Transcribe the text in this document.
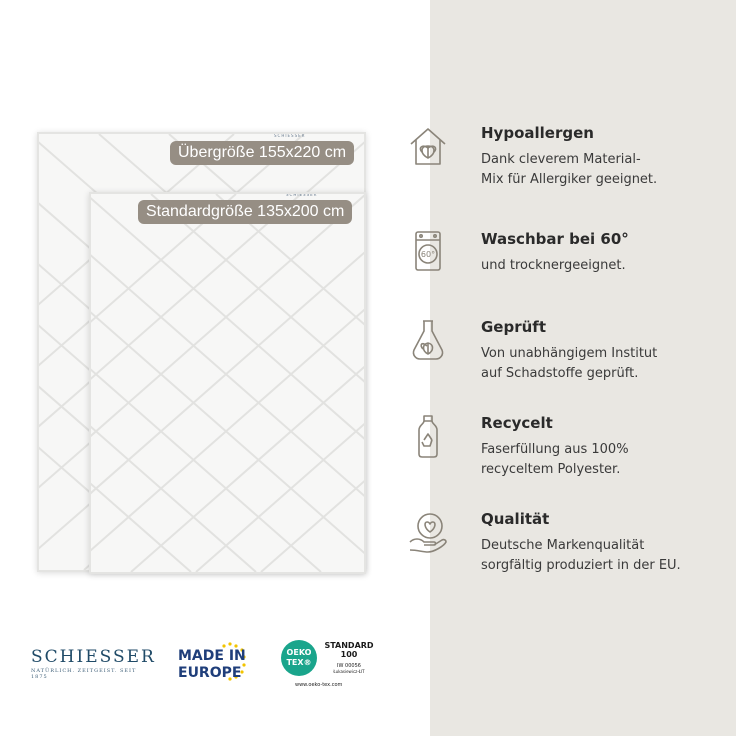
SCHIESSER
SCHIESSER
Übergröße 155x220 cm
Standardgröße 135x200 cm
Hypoallergen
Dank cleverem Material-
Mix für Allergiker geeignet.
60°
Waschbar bei 60°
und trocknergeeignet.
Geprüft
Von unabhängigem Institut
auf Schadstoffe geprüft.
Recycelt
Faserfüllung aus 100%
recyceltem Polyester.
Qualität
Deutsche Markenqualität
sorgfältig produziert in der EU.
SCHIESSER
NATÜRLICH. ZEITGEIST. SEIT 1875
MADE IN
EUROPE
OEKO
TEX®
STANDARD
100
IW 00056
Łukasiewicz-ŁIT
www.oeko-tex.com
